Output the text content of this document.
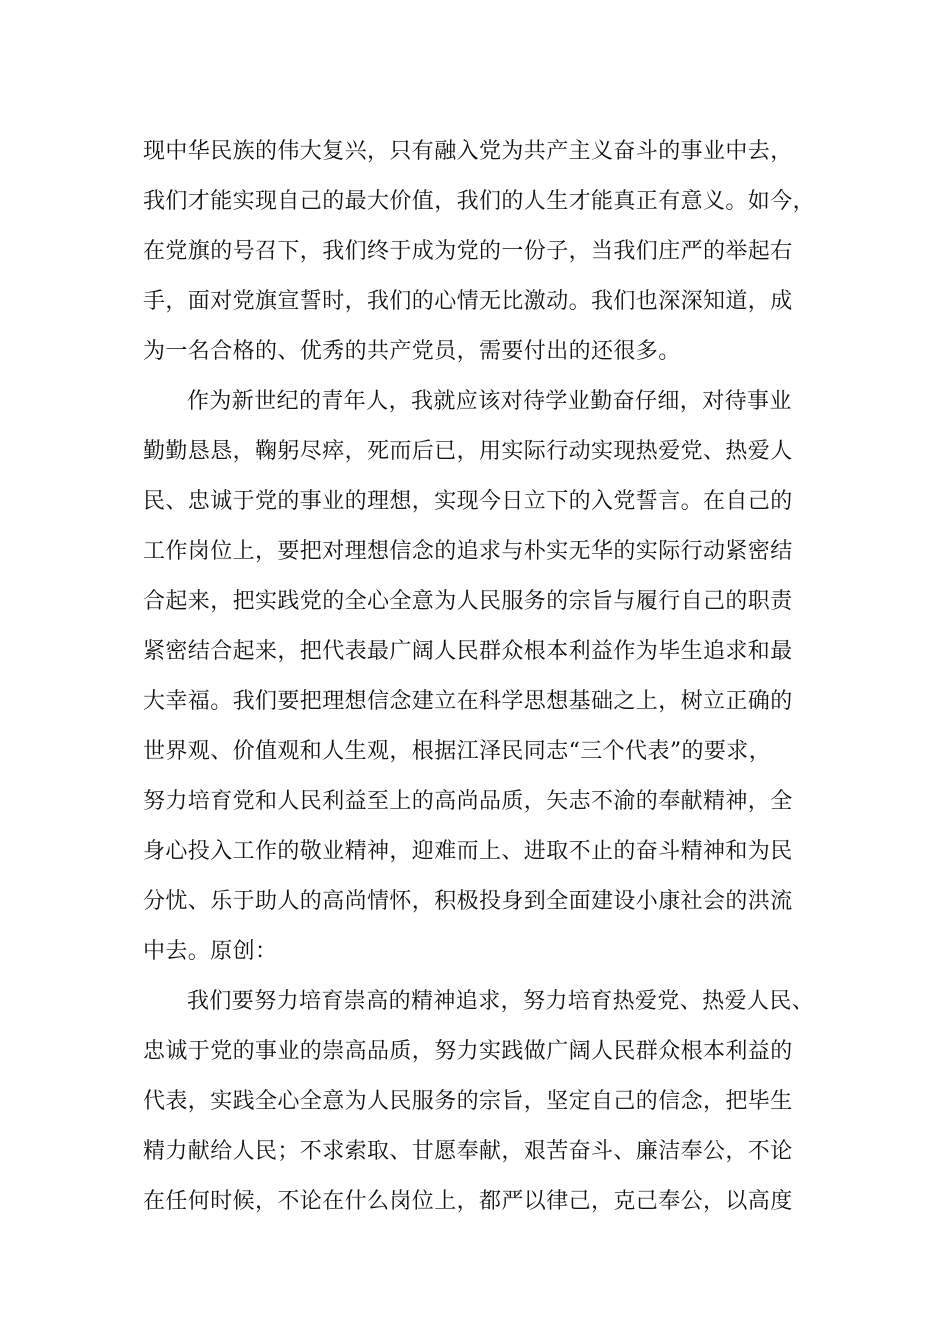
现中华民族的伟大复兴，只有融入党为共产主义奋斗的事业中去，
我们才能实现自己的最大价值，我们的人生才能真正有意义。如今，
在党旗的号召下，我们终于成为党的一份子，当我们庄严的举起右
手，面对党旗宣誓时，我们的心情无比激动。我们也深深知道，成
为一名合格的、优秀的共产党员，需要付出的还很多。
作为新世纪的青年人，我就应该对待学业勤奋仔细，对待事业
勤勤恳恳，鞠躬尽瘁，死而后已，用实际行动实现热爱党、热爱人
民、忠诚于党的事业的理想，实现今日立下的入党誓言。在自己的
工作岗位上，要把对理想信念的追求与朴实无华的实际行动紧密结
合起来，把实践党的全心全意为人民服务的宗旨与履行自己的职责
紧密结合起来，把代表最广阔人民群众根本利益作为毕生追求和最
大幸福。我们要把理想信念建立在科学思想基础之上，树立正确的
世界观、价值观和人生观，根据江泽民同志“三个代表”的要求，
努力培育党和人民利益至上的高尚品质，矢志不渝的奉献精神，全
身心投入工作的敬业精神，迎难而上、进取不止的奋斗精神和为民
分忧、乐于助人的高尚情怀，积极投身到全面建设小康社会的洪流
中去。原创：
我们要努力培育崇高的精神追求，努力培育热爱党、热爱人民、
忠诚于党的事业的崇高品质，努力实践做广阔人民群众根本利益的
代表，实践全心全意为人民服务的宗旨，坚定自己的信念，把毕生
精力献给人民；不求索取、甘愿奉献，艰苦奋斗、廉洁奉公，不论
在任何时候，不论在什么岗位上，都严以律己，克己奉公，以高度
